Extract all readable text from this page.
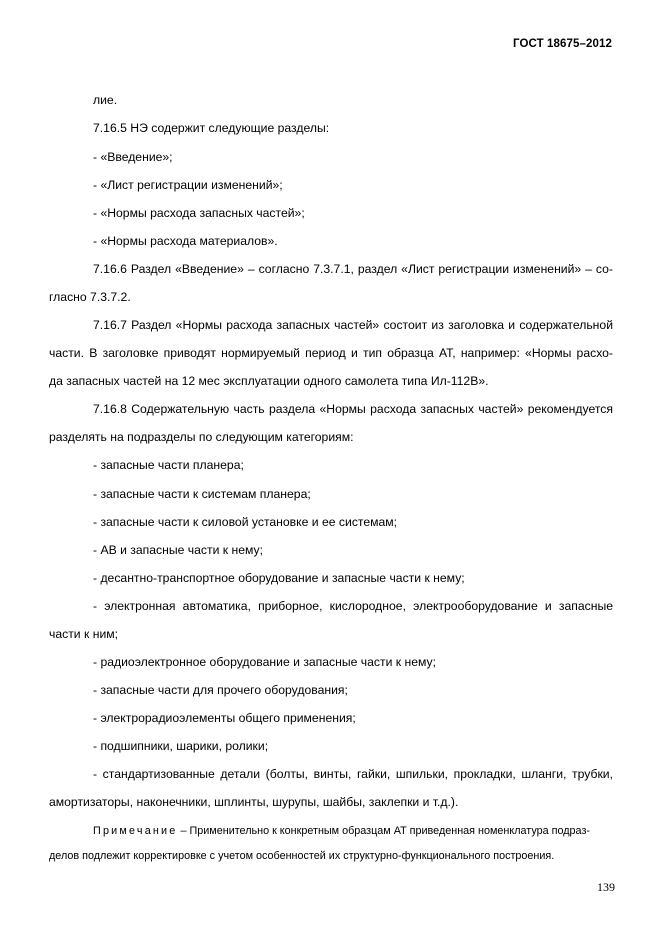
ГОСТ 18675–2012
лие.
7.16.5 НЭ содержит следующие разделы:
- «Введение»;
- «Лист регистрации изменений»;
- «Нормы расхода запасных частей»;
- «Нормы расхода материалов».
7.16.6 Раздел «Введение» – согласно 7.3.7.1, раздел «Лист регистрации изменений» – со-
гласно 7.3.7.2.
7.16.7 Раздел «Нормы расхода запасных частей» состоит из заголовка и содержательной
части. В заголовке приводят нормируемый период и тип образца АТ, например: «Нормы расхо-
да запасных частей на 12 мес эксплуатации одного самолета типа Ил-112В».
7.16.8 Содержательную часть раздела «Нормы расхода запасных частей» рекомендуется
разделять на подразделы по следующим категориям:
- запасные части планера;
- запасные части к системам планера;
- запасные части к силовой установке и ее системам;
- АВ и запасные части к нему;
- десантно-транспортное оборудование и запасные части к нему;
- электронная автоматика, приборное, кислородное, электрооборудование и запасные
части к ним;
- радиоэлектронное оборудование и запасные части к нему;
- запасные части для прочего оборудования;
- электрорадиоэлементы общего применения;
- подшипники, шарики, ролики;
- стандартизованные детали (болты, винты, гайки, шпильки, прокладки, шланги, трубки,
амортизаторы, наконечники, шплинты, шурупы, шайбы, заклепки и т.д.).
Примечание – Применительно к конкретным образцам АТ приведенная номенклатура подраз-
делов подлежит корректировке с учетом особенностей их структурно-функционального построения.
139
